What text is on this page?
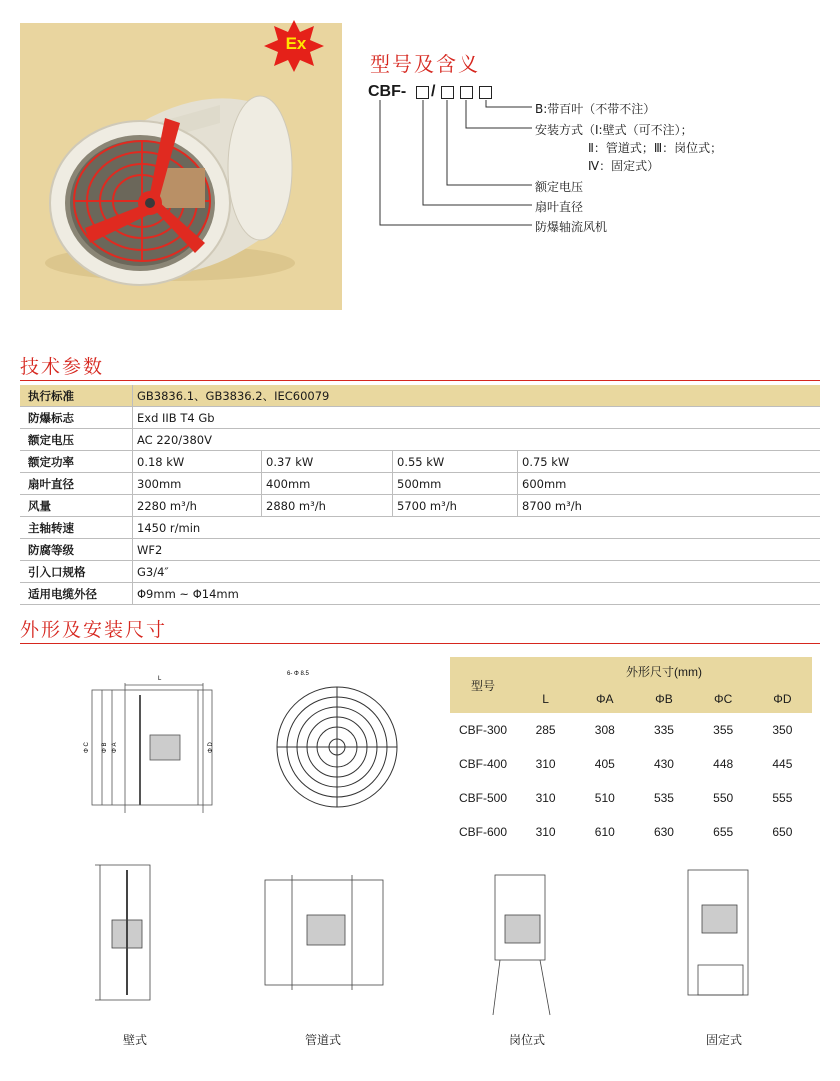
Ex
型号及含义
CBF- /
B:带百叶（不带不注）
安装方式（Ⅰ:壁式（可不注）；
Ⅱ：管道式；Ⅲ：岗位式；
Ⅳ：固定式）
额定电压
扇叶直径
防爆轴流风机
技术参数
执行标准	GB3836.1、GB3836.2、IEC60079			
防爆标志	Exd IIB T4 Gb			
额定电压	AC 220/380V			
额定功率	0.18 kW	0.37 kW	0.55 kW	0.75 kW
扇叶直径	300mm	400mm	500mm	600mm
风量	2280 m³/h	2880 m³/h	5700 m³/h	8700 m³/h
主轴转速	1450 r/min			
防腐等级	WF2			
引入口规格	G3/4″			
适用电缆外径	Φ9mm ~ Φ14mm			
外形及安装尺寸
L
Φ C Φ B Φ A	Φ D
6- Φ 8.5
型号	外形尺寸(mm)				
	L	ΦA	ΦB	ΦC	ΦD
CBF-300	285	308	335	355	350
CBF-400	310	405	430	448	445
CBF-500	310	510	535	550	555
CBF-600	310	610	630	655	650
壁式	管道式	岗位式	固定式
